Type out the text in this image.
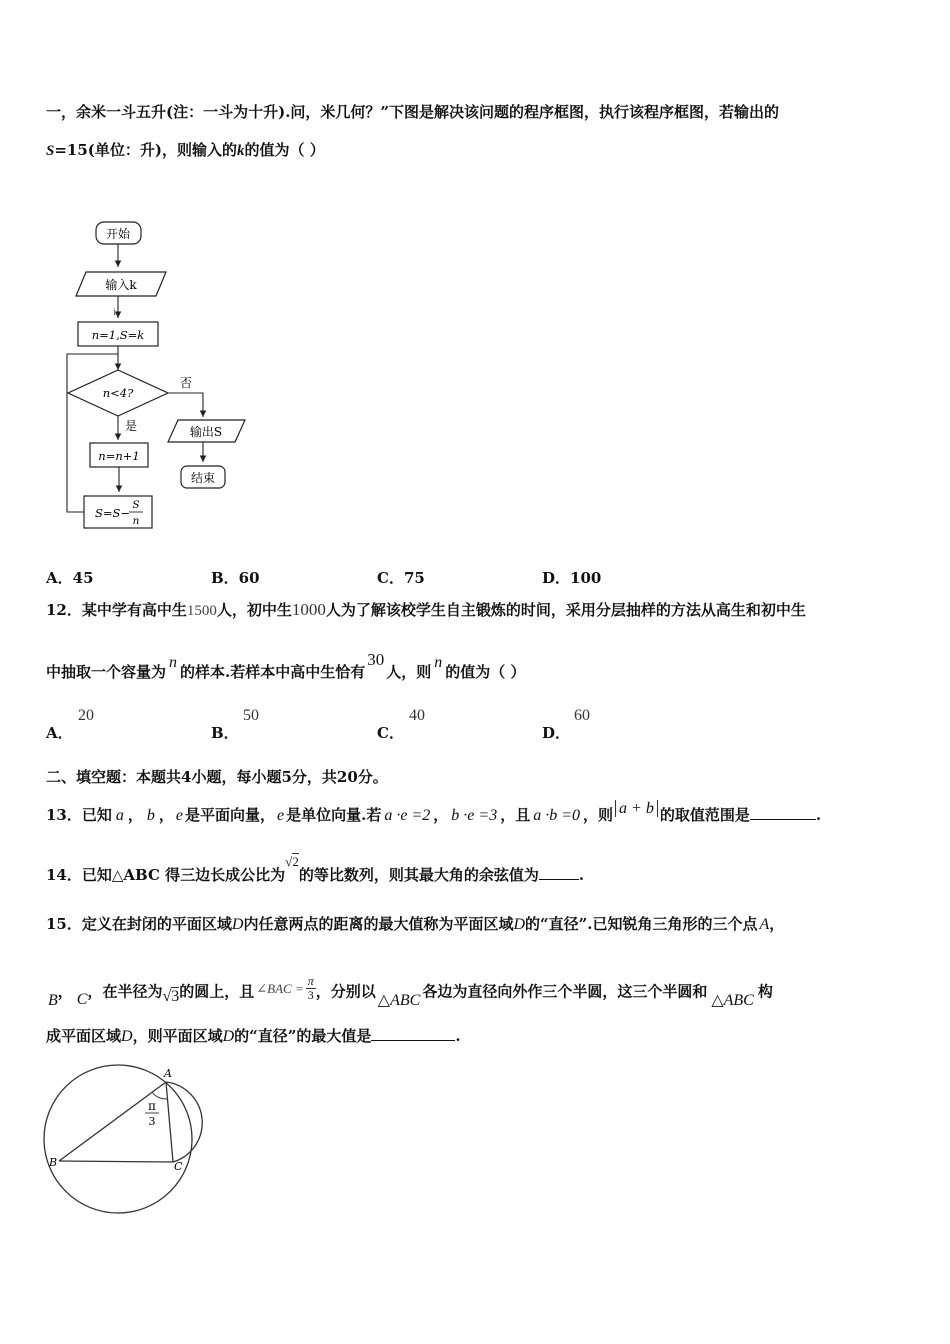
一，余米一斗五升(注：一斗为十升).问，米几何？”下图是解决该问题的程序框图，执行该程序框图，若输出的
S=15(单位：升)，则输入的k的值为（ ）
开始
输入k
i
n=1,S=k
n<4?
否
输出S
结束
是
n=n+1
S=S−
S
n
A．45	B．60	C．75	D．100
12．某中学有高中生1500人，初中生1000人为了解该校学生自主锻炼的时间，采用分层抽样的方法从高生和初中生
中抽取一个容量为n的样本.若样本中高中生恰有30人，则n的值为（ ）
A．
20
B．
50
C．
40
D．
60
二、填空题：本题共4小题，每小题5分，共20分。
13．已知 a ， b ， e 是平面向量， e 是单位向量.若 a ·e =2 ， b ·e =3 ，且 a ·b =0 ，则 a + b 的取值范围是	.
14．已知△ABC 得三边长成公比为√2的等比数列，则其最大角的余弦值为	.
15．定义在封闭的平面区域D内任意两点的距离的最大值称为平面区域D的“直径”.已知锐角三角形的三个点 A，
B， C，在半径为√3的圆上，且 ∠BAC = $\frac{\pi}{3}$ ，分别以 △ABC 各边为直径向外作三个半圆，这三个半圆和 △ABC 构
成平面区域D，则平面区域D的“直径”的最大值是	.
A
B	C
π
3
